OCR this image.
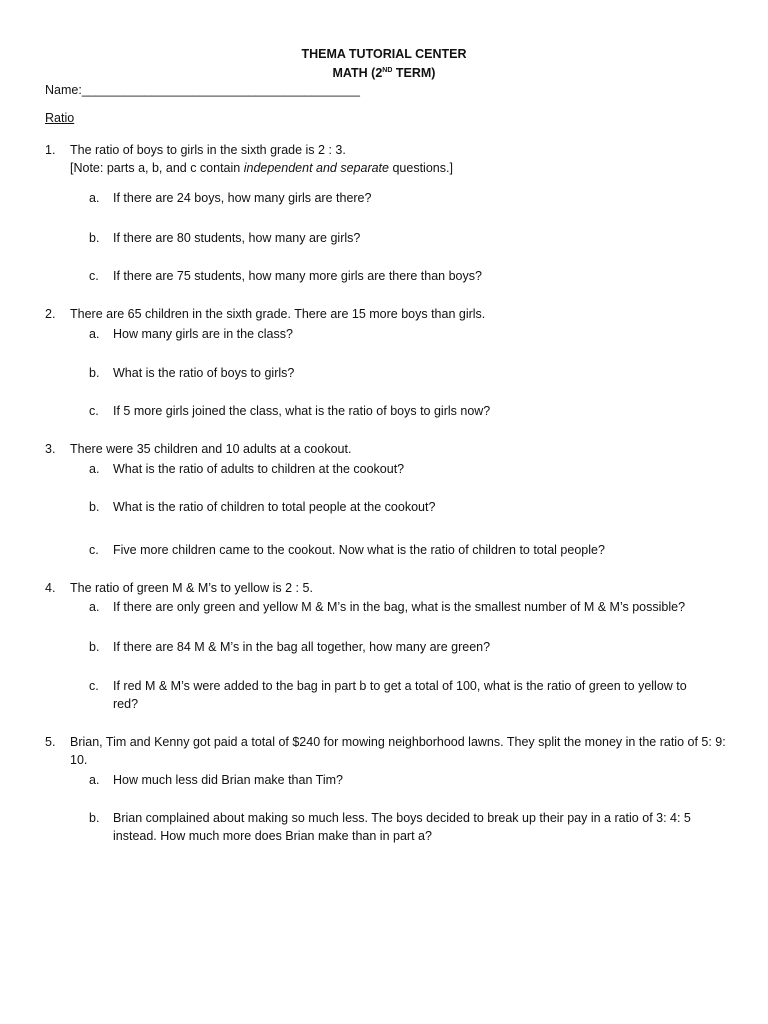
THEMA TUTORIAL CENTER
MATH (2ND TERM)
Name:________________________________________
Ratio
1. The ratio of boys to girls in the sixth grade is 2 : 3.
[Note: parts a, b, and c contain independent and separate questions.]
a. If there are 24 boys, how many girls are there?
b. If there are 80 students, how many are girls?
c. If there are 75 students, how many more girls are there than boys?
2. There are 65 children in the sixth grade. There are 15 more boys than girls.
a. How many girls are in the class?
b. What is the ratio of boys to girls?
c. If 5 more girls joined the class, what is the ratio of boys to girls now?
3. There were 35 children and 10 adults at a cookout.
a. What is the ratio of adults to children at the cookout?
b. What is the ratio of children to total people at the cookout?
c. Five more children came to the cookout. Now what is the ratio of children to total people?
4. The ratio of green M & M’s to yellow is 2 : 5.
a. If there are only green and yellow M & M’s in the bag, what is the smallest number of M & M’s possible?
b. If there are 84 M & M’s in the bag all together, how many are green?
c. If red M & M’s were added to the bag in part b to get a total of 100, what is the ratio of green to yellow to red?
5. Brian, Tim and Kenny got paid a total of $240 for mowing neighborhood lawns. They split the money in the ratio of 5: 9: 10.
a. How much less did Brian make than Tim?
b. Brian complained about making so much less. The boys decided to break up their pay in a ratio of 3: 4: 5 instead. How much more does Brian make than in part a?
